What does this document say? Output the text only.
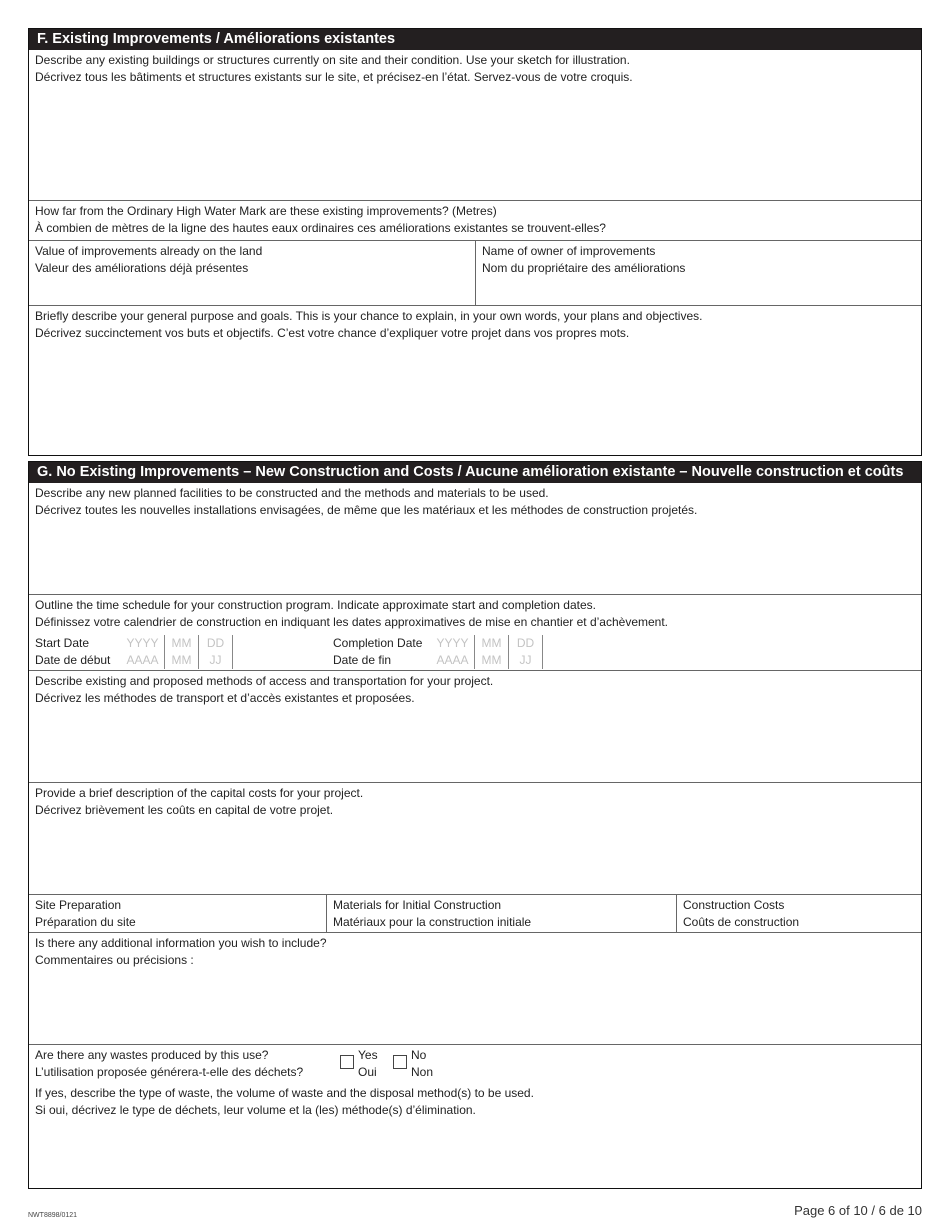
F. Existing Improvements / Améliorations existantes
Describe any existing buildings or structures currently on site and their condition. Use your sketch for illustration.
Décrivez tous les bâtiments et structures existants sur le site, et précisez-en l’état. Servez-vous de votre croquis.
How far from the Ordinary High Water Mark are these existing improvements? (Metres)
À combien de mètres de la ligne des hautes eaux ordinaires ces améliorations existantes se trouvent-elles?
Value of improvements already on the land
Valeur des améliorations déjà présentes
Name of owner of improvements
Nom du propriétaire des améliorations
Briefly describe your general purpose and goals. This is your chance to explain, in your own words, your plans and objectives.
Décrivez succinctement vos buts et objectifs. C’est votre chance d’expliquer votre projet dans vos propres mots.
G. No Existing Improvements – New Construction and Costs / Aucune amélioration existante – Nouvelle construction et coûts
Describe any new planned facilities to be constructed and the methods and materials to be used.
Décrivez toutes les nouvelles installations envisagées, de même que les matériaux et les méthodes de construction projetés.
Outline the time schedule for your construction program. Indicate approximate start and completion dates.
Définissez votre calendrier de construction en indiquant les dates approximatives de mise en chantier et d’achèvement.
Start Date
Date de début
YYYY
AAAA
MM
MM
DD
JJ
Completion Date
Date de fin
YYYY
AAAA
MM
MM
DD
JJ
Describe existing and proposed methods of access and transportation for your project.
Décrivez les méthodes de transport et d’accès existantes et proposées.
Provide a brief description of the capital costs for your project.
Décrivez brièvement les coûts en capital de votre projet.
Site Preparation
Préparation du site
Materials for Initial Construction
Matériaux pour la construction initiale
Construction Costs
Coûts de construction
Is there any additional information you wish to include?
Commentaires ou précisions :
Are there any wastes produced by this use?
L’utilisation proposée générera-t-elle des déchets?
Yes
Oui
No
Non
If yes, describe the type of waste, the volume of waste and the disposal method(s) to be used.
Si oui, décrivez le type de déchets, leur volume et la (les) méthode(s) d’élimination.
NWT8898/0121	Page 6 of 10 / 6 de 10
